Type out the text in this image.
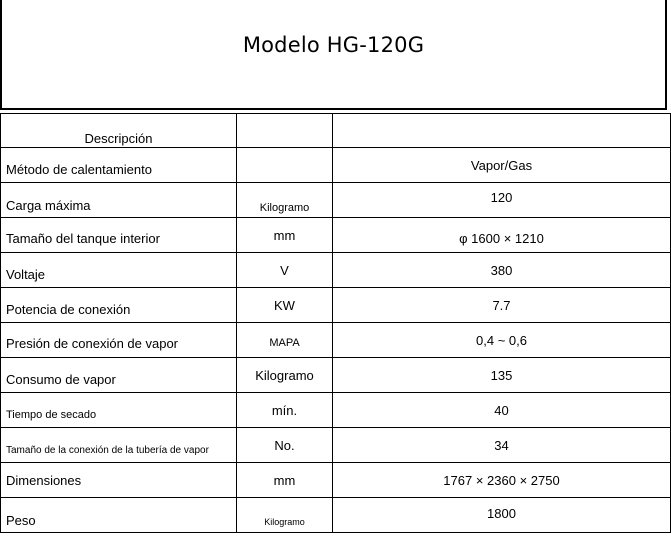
Modelo HG-120G
Descripción		

Método de calentamiento		Vapor/Gas

Carga máxima	Kilogramo	120

Tamaño del tanque interior	mm	φ 1600 × 1210

Voltaje	V	380

Potencia de conexión	KW	7.7

Presión de conexión de vapor	MAPA	0,4 ~ 0,6

Consumo de vapor	Kilogramo	135

Tiempo de secado	mín.	40

Tamaño de la conexión de la tubería de vapor	No.	34
Dimensiones	mm	1767 × 2360 × 2750

Peso	Kilogramo	1800
